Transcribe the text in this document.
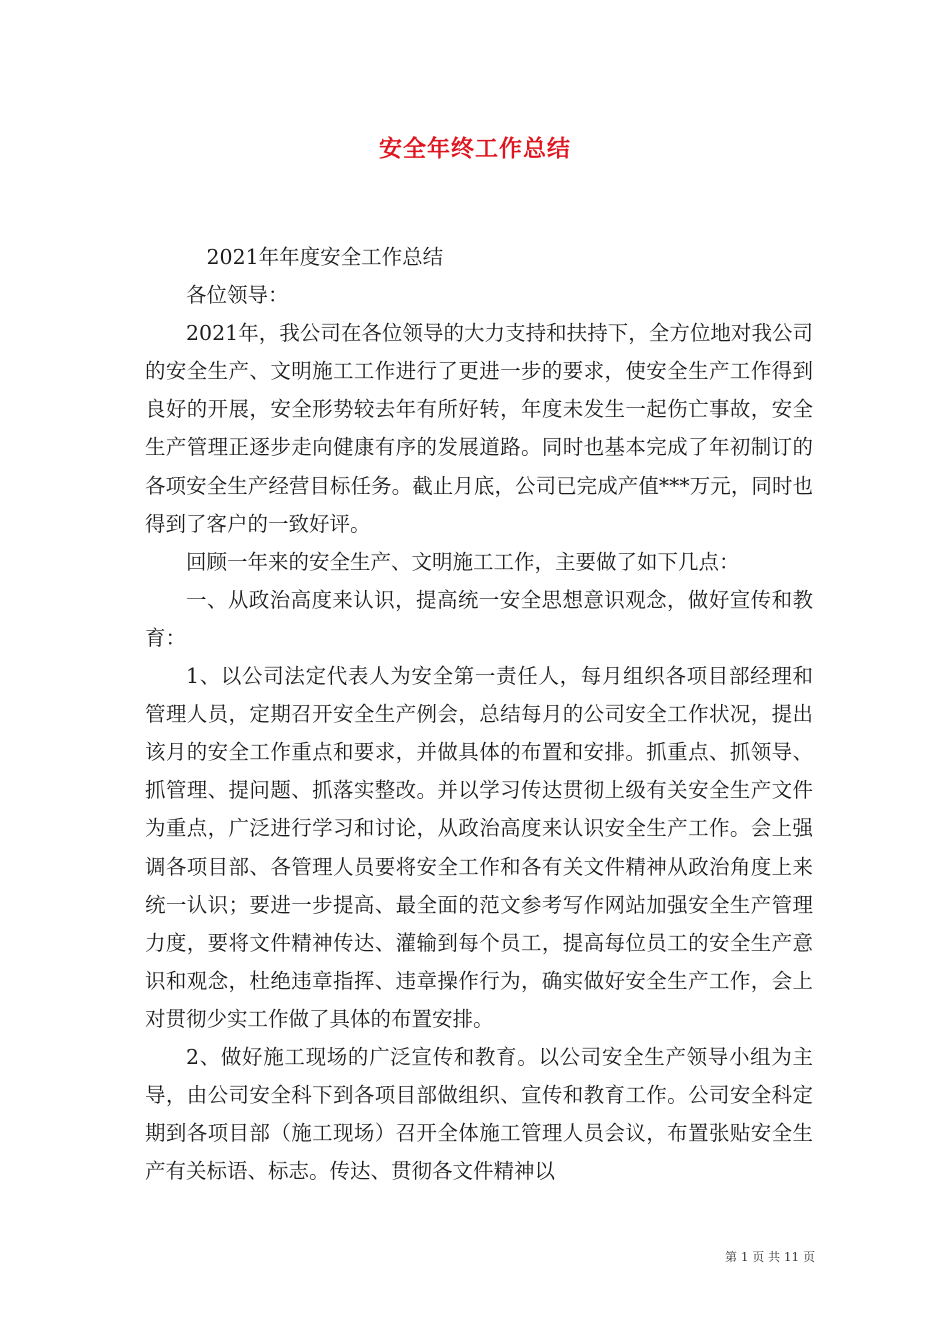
安全年终工作总结

2021年年度安全工作总结

各位领导：

2021年，我公司在各位领导的大力支持和扶持下，全方位地对我公司的安全生产、文明施工工作进行了更进一步的要求，使安全生产工作得到良好的开展，安全形势较去年有所好转，年度未发生一起伤亡事故，安全生产管理正逐步走向健康有序的发展道路。同时也基本完成了年初制订的各项安全生产经营目标任务。截止月底，公司已完成产值***万元，同时也得到了客户的一致好评。

回顾一年来的安全生产、文明施工工作，主要做了如下几点：

一、从政治高度来认识，提高统一安全思想意识观念，做好宣传和教育：

1、以公司法定代表人为安全第一责任人，每月组织各项目部经理和管理人员，定期召开安全生产例会，总结每月的公司安全工作状况，提出该月的安全工作重点和要求，并做具体的布置和安排。抓重点、抓领导、抓管理、提问题、抓落实整改。并以学习传达贯彻上级有关安全生产文件为重点，广泛进行学习和讨论，从政治高度来认识安全生产工作。会上强调各项目部、各管理人员要将安全工作和各有关文件精神从政治角度上来统一认识；要进一步提高、最全面的范文参考写作网站加强安全生产管理力度，要将文件精神传达、灌输到每个员工，提高每位员工的安全生产意识和观念，杜绝违章指挥、违章操作行为，确实做好安全生产工作，会上对贯彻少实工作做了具体的布置安排。

2、做好施工现场的广泛宣传和教育。以公司安全生产领导小组为主导，由公司安全科下到各项目部做组织、宣传和教育工作。公司安全科定期到各项目部（施工现场）召开全体施工管理人员会议，布置张贴安全生产有关标语、标志。传达、贯彻各文件精神以

第 1 页 共 11 页
